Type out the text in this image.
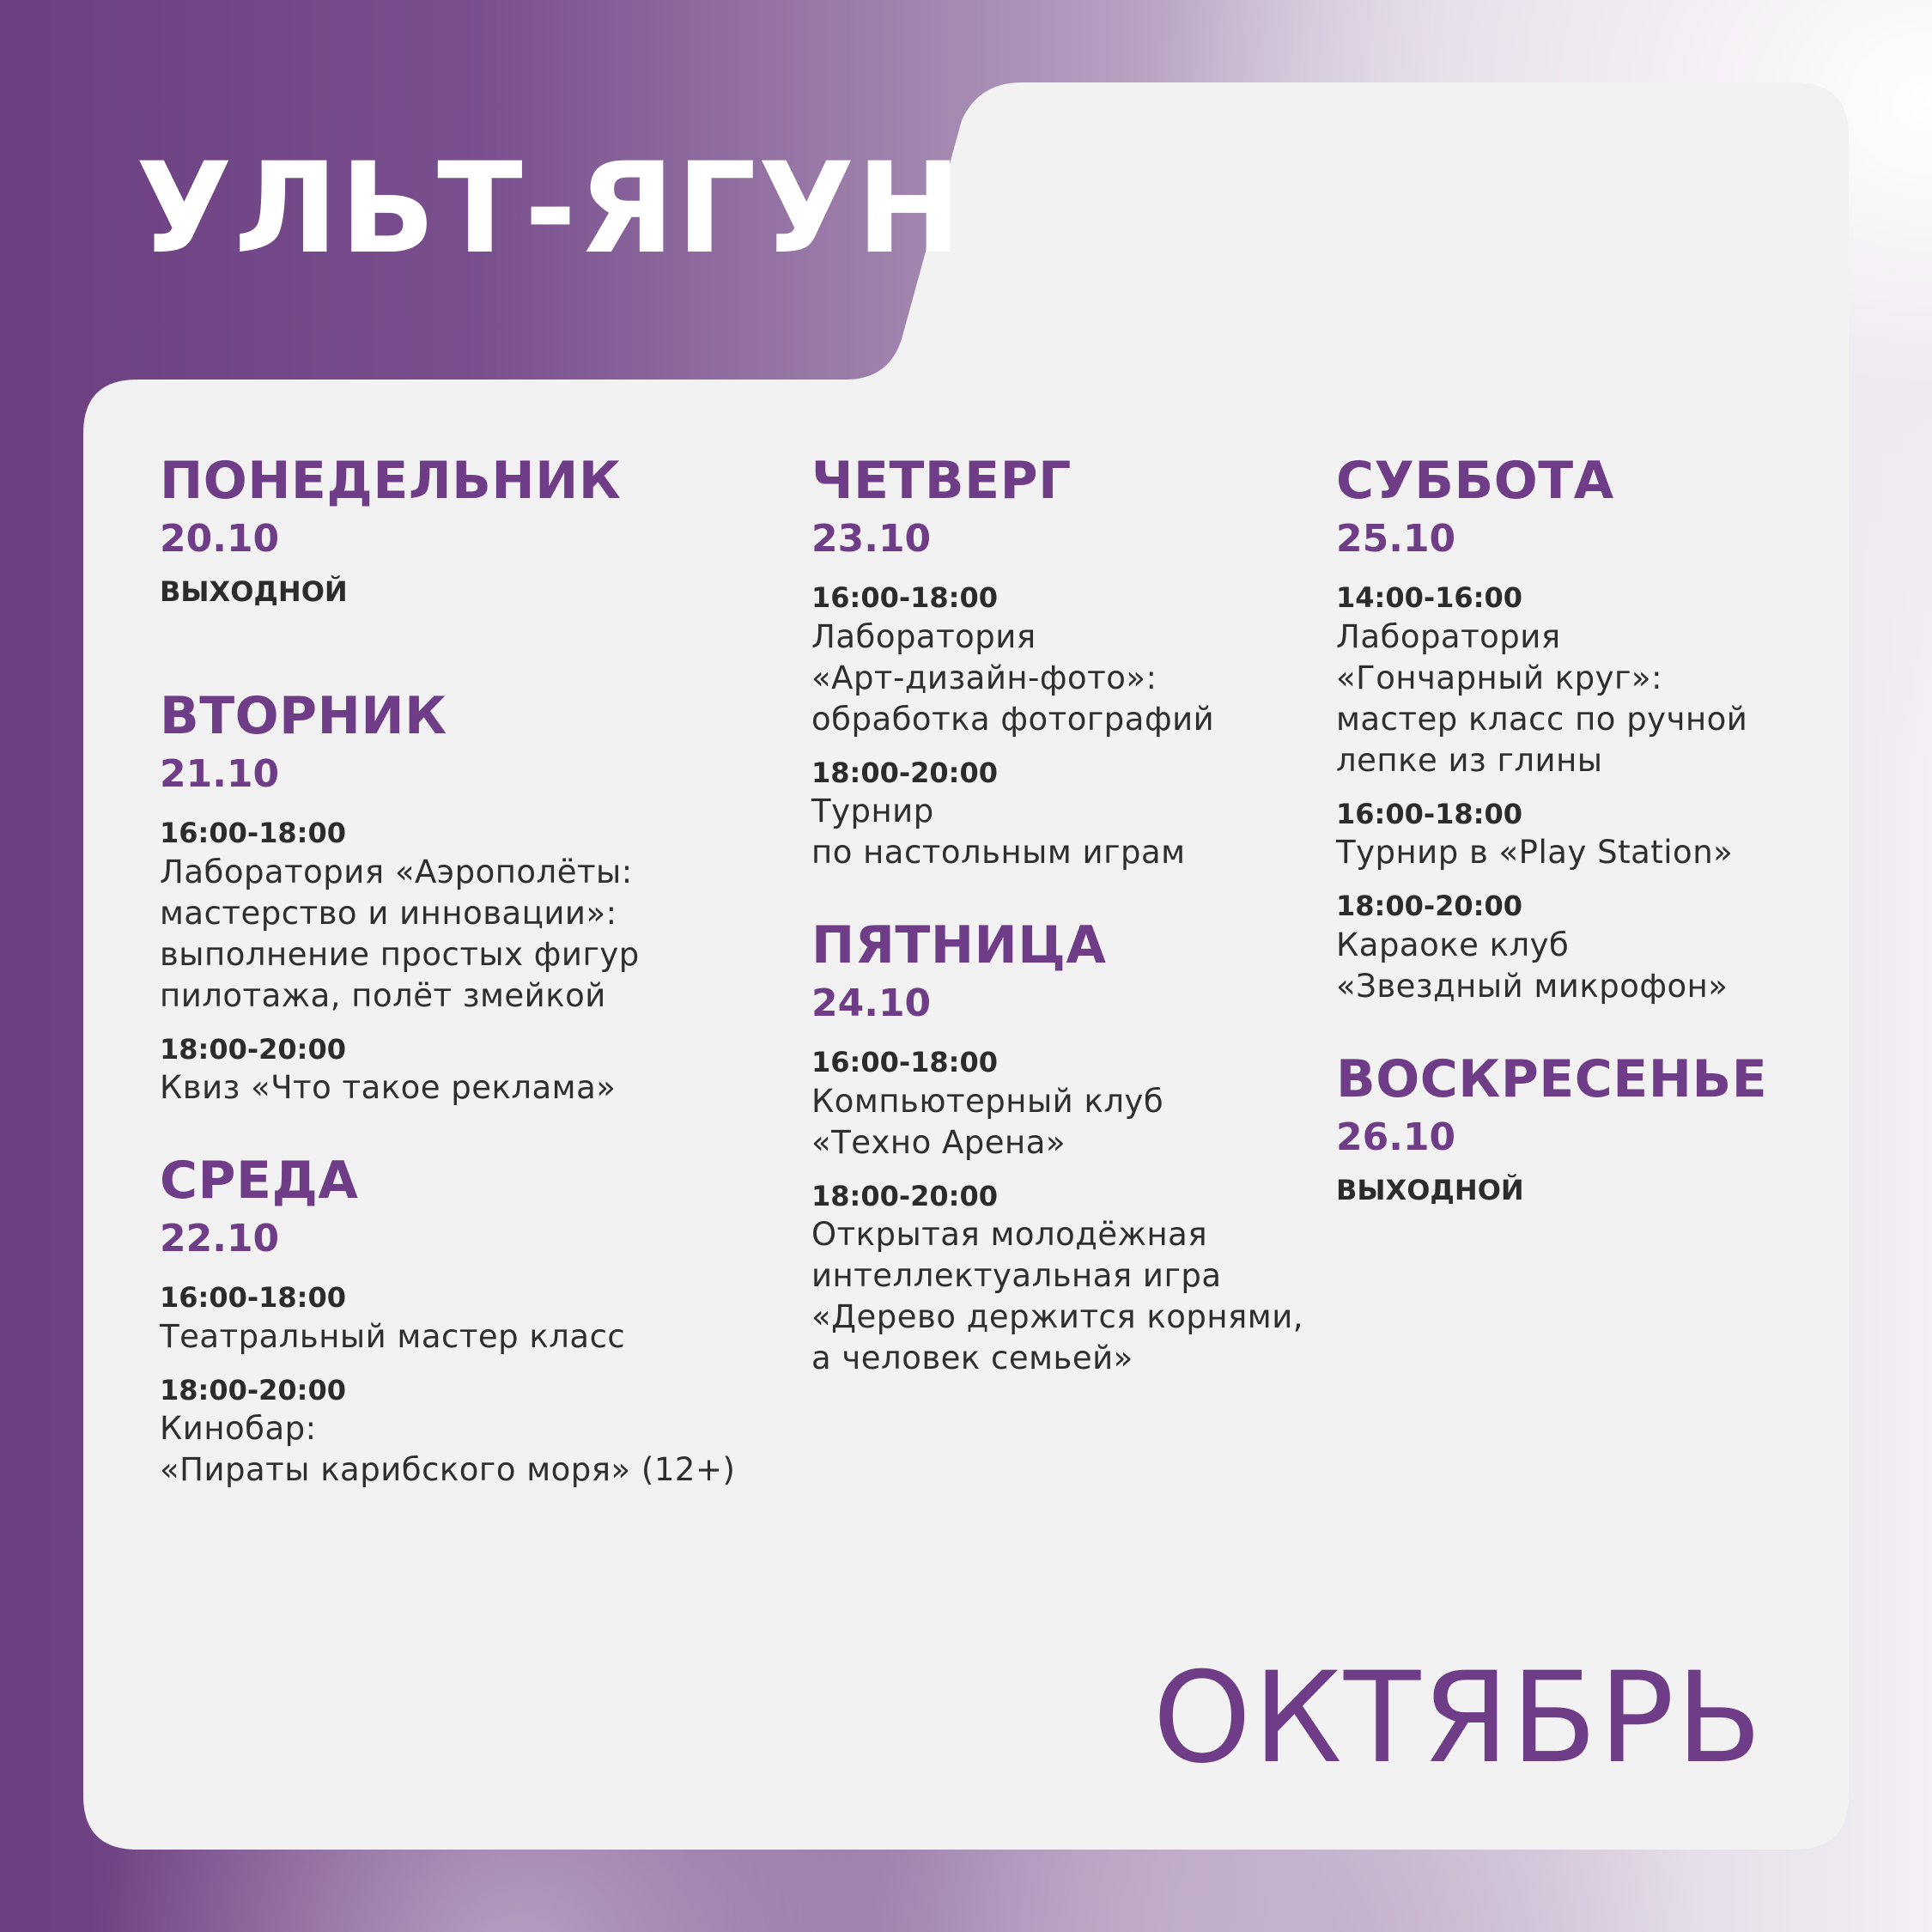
УЛЬТ-ЯГУН
ПОНЕДЕЛЬНИК
20.10
ВЫХОДНОЙ
ВТОРНИК
21.10
16:00-18:00
Лаборатория «Аэрополёты:
мастерство и инновации»:
выполнение простых фигур
пилотажа, полёт змейкой
18:00-20:00
Квиз «Что такое реклама»
СРЕДА
22.10
16:00-18:00
Театральный мастер класс
18:00-20:00
Кинобар:
«Пираты карибского моря» (12+)
ЧЕТВЕРГ
23.10
16:00-18:00
Лаборатория
«Арт-дизайн-фото»:
обработка фотографий
18:00-20:00
Турнир
по настольным играм
ПЯТНИЦА
24.10
16:00-18:00
Компьютерный клуб
«Техно Арена»
18:00-20:00
Открытая молодёжная
интеллектуальная игра
«Дерево держится корнями,
а человек семьей»
СУББОТА
25.10
14:00-16:00
Лаборатория
«Гончарный круг»:
мастер класс по ручной
лепке из глины
16:00-18:00
Турнир в «Play Station»
18:00-20:00
Караоке клуб
«Звездный микрофон»
ВОСКРЕСЕНЬЕ
26.10
ВЫХОДНОЙ
ОКТЯБРЬ
